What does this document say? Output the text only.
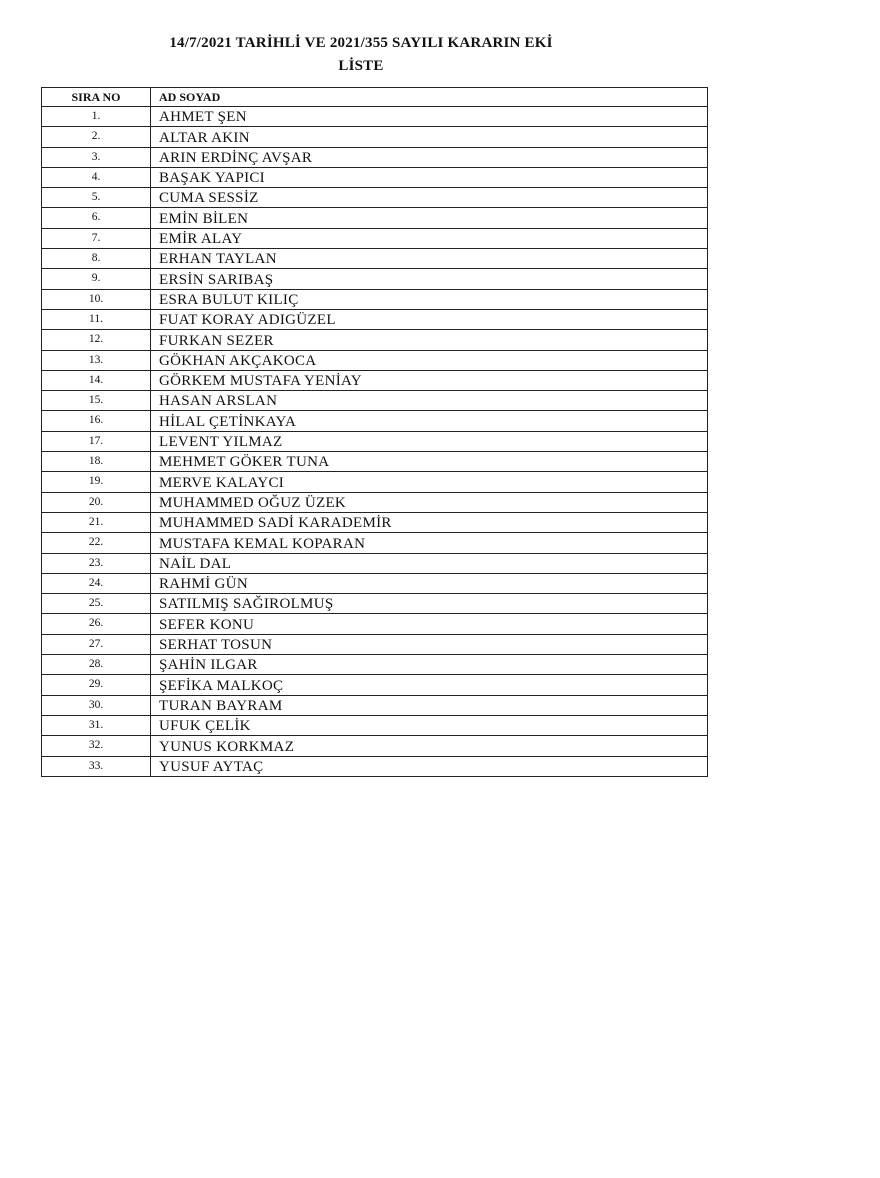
14/7/2021 TARİHLİ VE 2021/355 SAYILI KARARIN EKİ
LİSTE
SIRA NO	AD SOYAD
1.	AHMET ŞEN
2.	ALTAR AKIN
3.	ARIN ERDİNÇ AVŞAR
4.	BAŞAK YAPICI
5.	CUMA SESSİZ
6.	EMİN BİLEN
7.	EMİR ALAY
8.	ERHAN TAYLAN
9.	ERSİN SARIBAŞ
10.	ESRA BULUT KILIÇ
11.	FUAT KORAY ADIGÜZEL
12.	FURKAN SEZER
13.	GÖKHAN AKÇAKOCA
14.	GÖRKEM MUSTAFA YENİAY
15.	HASAN ARSLAN
16.	HİLAL ÇETİNKAYA
17.	LEVENT YILMAZ
18.	MEHMET GÖKER TUNA
19.	MERVE KALAYCI
20.	MUHAMMED OĞUZ ÜZEK
21.	MUHAMMED SADİ KARADEMİR
22.	MUSTAFA KEMAL KOPARAN
23.	NAİL DAL
24.	RAHMİ GÜN
25.	SATILMIŞ SAĞIROLMUŞ
26.	SEFER KONU
27.	SERHAT TOSUN
28.	ŞAHİN ILGAR
29.	ŞEFİKA MALKOÇ
30.	TURAN BAYRAM
31.	UFUK ÇELİK
32.	YUNUS KORKMAZ
33.	YUSUF AYTAÇ
